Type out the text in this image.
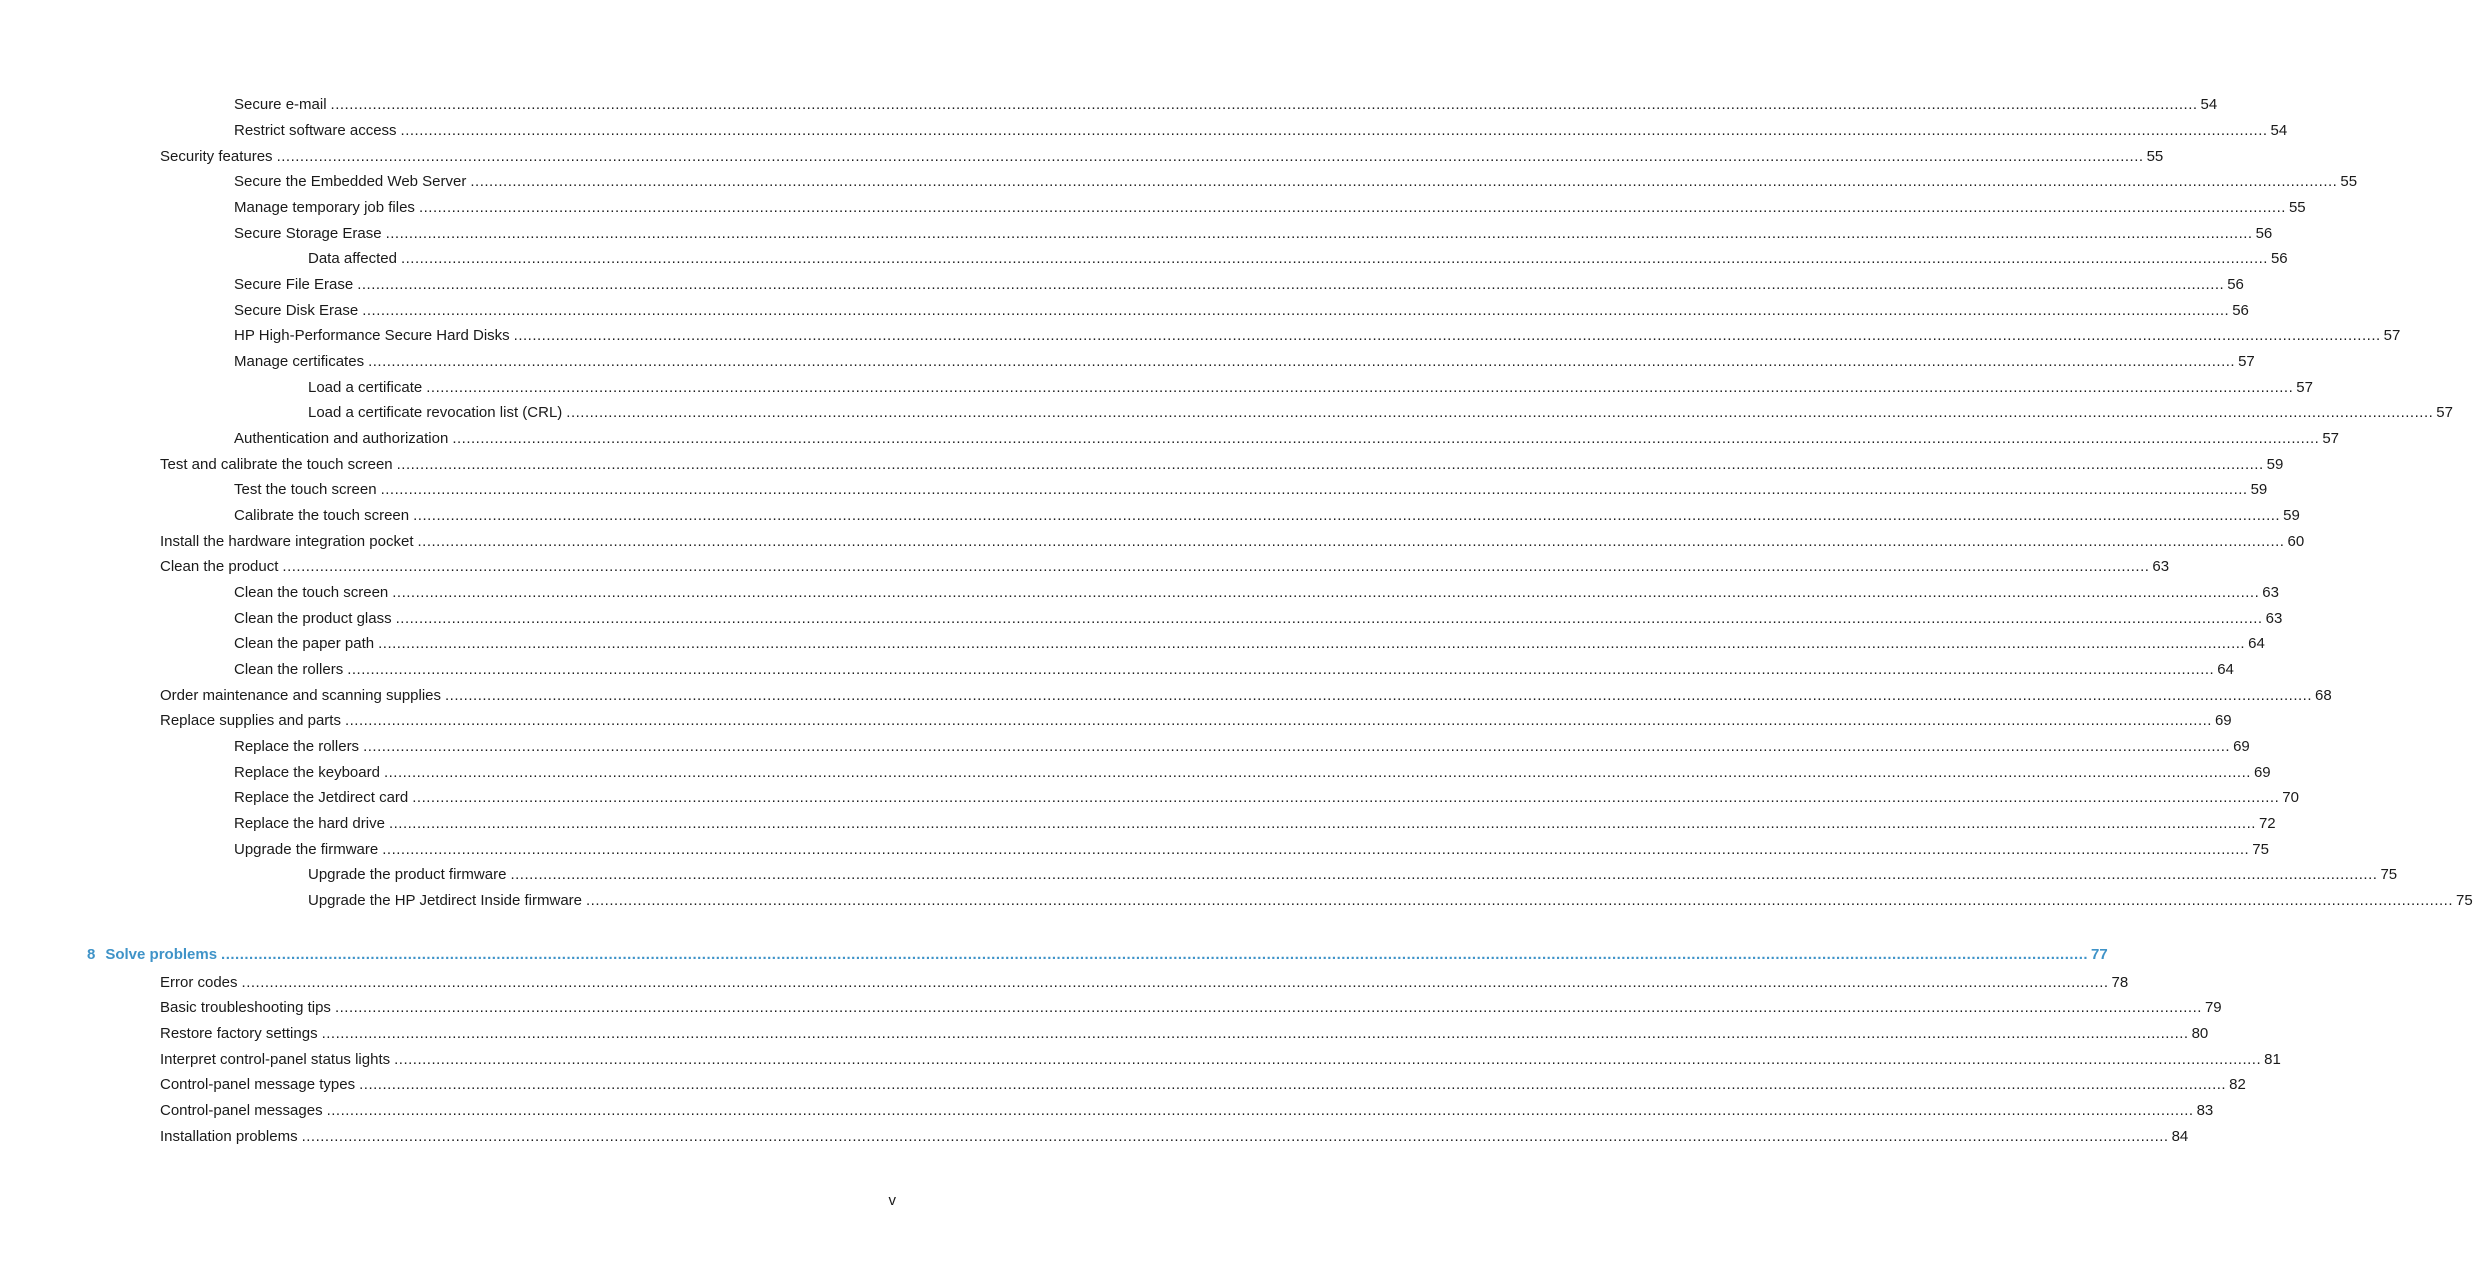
Secure e-mail ................................................................................................................................................................................................................................................................................................................................................................................................................ 54
Restrict software access ................................................................................................................................................................................................................................................................................................................................................................................................................ 54
Security features ................................................................................................................................................................................................................................................................................................................................................................................................................ 55
Secure the Embedded Web Server ................................................................................................................................................................................................................................................................................................................................................................................................................ 55
Manage temporary job files ................................................................................................................................................................................................................................................................................................................................................................................................................ 55
Secure Storage Erase ................................................................................................................................................................................................................................................................................................................................................................................................................ 56
Data affected ................................................................................................................................................................................................................................................................................................................................................................................................................ 56
Secure File Erase ................................................................................................................................................................................................................................................................................................................................................................................................................ 56
Secure Disk Erase ................................................................................................................................................................................................................................................................................................................................................................................................................ 56
HP High-Performance Secure Hard Disks ................................................................................................................................................................................................................................................................................................................................................................................................................ 57
Manage certificates ................................................................................................................................................................................................................................................................................................................................................................................................................ 57
Load a certificate ................................................................................................................................................................................................................................................................................................................................................................................................................ 57
Load a certificate revocation list (CRL) ................................................................................................................................................................................................................................................................................................................................................................................................................ 57
Authentication and authorization ................................................................................................................................................................................................................................................................................................................................................................................................................ 57
Test and calibrate the touch screen ................................................................................................................................................................................................................................................................................................................................................................................................................ 59
Test the touch screen ................................................................................................................................................................................................................................................................................................................................................................................................................ 59
Calibrate the touch screen ................................................................................................................................................................................................................................................................................................................................................................................................................ 59
Install the hardware integration pocket ................................................................................................................................................................................................................................................................................................................................................................................................................ 60
Clean the product ................................................................................................................................................................................................................................................................................................................................................................................................................ 63
Clean the touch screen ................................................................................................................................................................................................................................................................................................................................................................................................................ 63
Clean the product glass ................................................................................................................................................................................................................................................................................................................................................................................................................ 63
Clean the paper path ................................................................................................................................................................................................................................................................................................................................................................................................................ 64
Clean the rollers ................................................................................................................................................................................................................................................................................................................................................................................................................ 64
Order maintenance and scanning supplies ................................................................................................................................................................................................................................................................................................................................................................................................................ 68
Replace supplies and parts ................................................................................................................................................................................................................................................................................................................................................................................................................ 69
Replace the rollers ................................................................................................................................................................................................................................................................................................................................................................................................................ 69
Replace the keyboard ................................................................................................................................................................................................................................................................................................................................................................................................................ 69
Replace the Jetdirect card ................................................................................................................................................................................................................................................................................................................................................................................................................ 70
Replace the hard drive ................................................................................................................................................................................................................................................................................................................................................................................................................ 72
Upgrade the firmware ................................................................................................................................................................................................................................................................................................................................................................................................................ 75
Upgrade the product firmware ................................................................................................................................................................................................................................................................................................................................................................................................................ 75
Upgrade the HP Jetdirect Inside firmware ................................................................................................................................................................................................................................................................................................................................................................................................................ 75
8 Solve problems ................................................................................................................................................................................................................................................................................................................................................................................................................ 77
Error codes ................................................................................................................................................................................................................................................................................................................................................................................................................ 78
Basic troubleshooting tips ................................................................................................................................................................................................................................................................................................................................................................................................................ 79
Restore factory settings ................................................................................................................................................................................................................................................................................................................................................................................................................ 80
Interpret control-panel status lights ................................................................................................................................................................................................................................................................................................................................................................................................................ 81
Control-panel message types ................................................................................................................................................................................................................................................................................................................................................................................................................ 82
Control-panel messages ................................................................................................................................................................................................................................................................................................................................................................................................................ 83
Installation problems ................................................................................................................................................................................................................................................................................................................................................................................................................ 84
v
